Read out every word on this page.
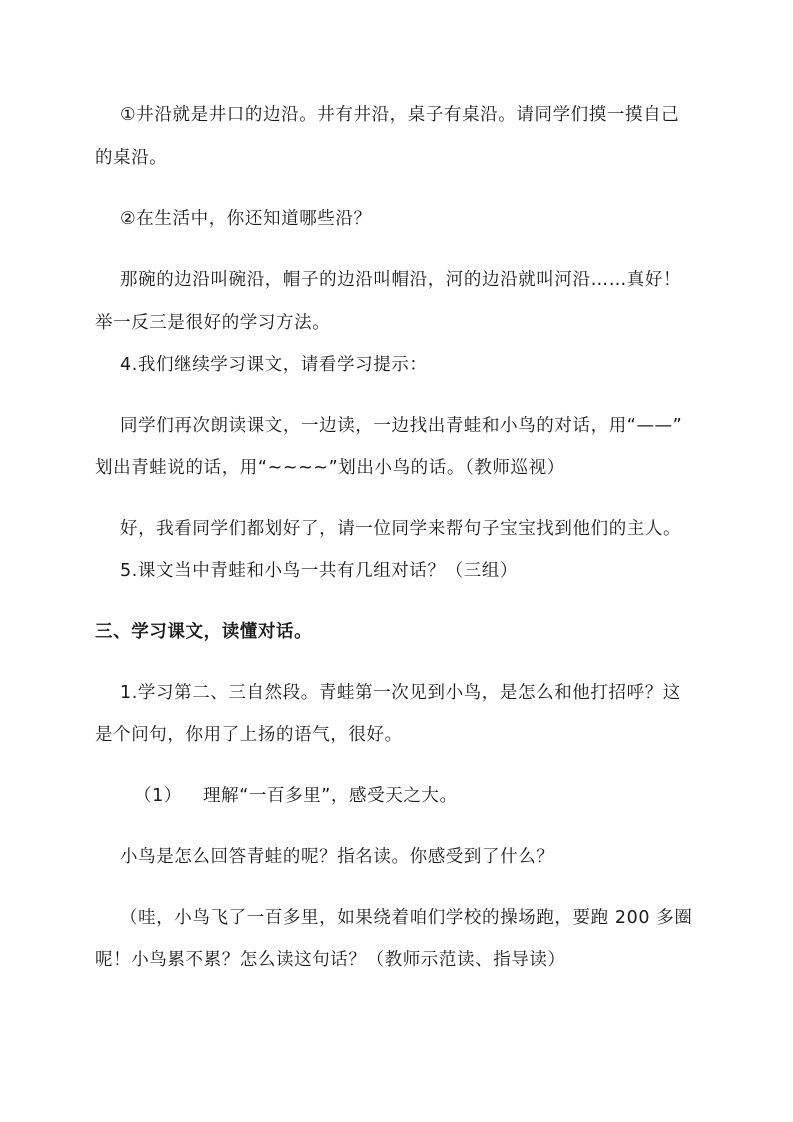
①井沿就是井口的边沿。井有井沿，桌子有桌沿。请同学们摸一摸自己
的桌沿。
②在生活中，你还知道哪些沿？
那碗的边沿叫碗沿，帽子的边沿叫帽沿，河的边沿就叫河沿……真好！
举一反三是很好的学习方法。
4.我们继续学习课文，请看学习提示：
同学们再次朗读课文，一边读，一边找出青蛙和小鸟的对话，用“——”
划出青蛙说的话，用“~~~~”划出小鸟的话。（教师巡视）
好，我看同学们都划好了，请一位同学来帮句子宝宝找到他们的主人。
5.课文当中青蛙和小鸟一共有几组对话？（三组）
三、学习课文，读懂对话。
1.学习第二、三自然段。青蛙第一次见到小鸟，是怎么和他打招呼？这
是个问句，你用了上扬的语气，很好。
（1） 理解“一百多里”，感受天之大。
小鸟是怎么回答青蛙的呢？指名读。你感受到了什么？
（哇，小鸟飞了一百多里，如果绕着咱们学校的操场跑，要跑 200 多圈
呢！小鸟累不累？怎么读这句话？（教师示范读、指导读）
